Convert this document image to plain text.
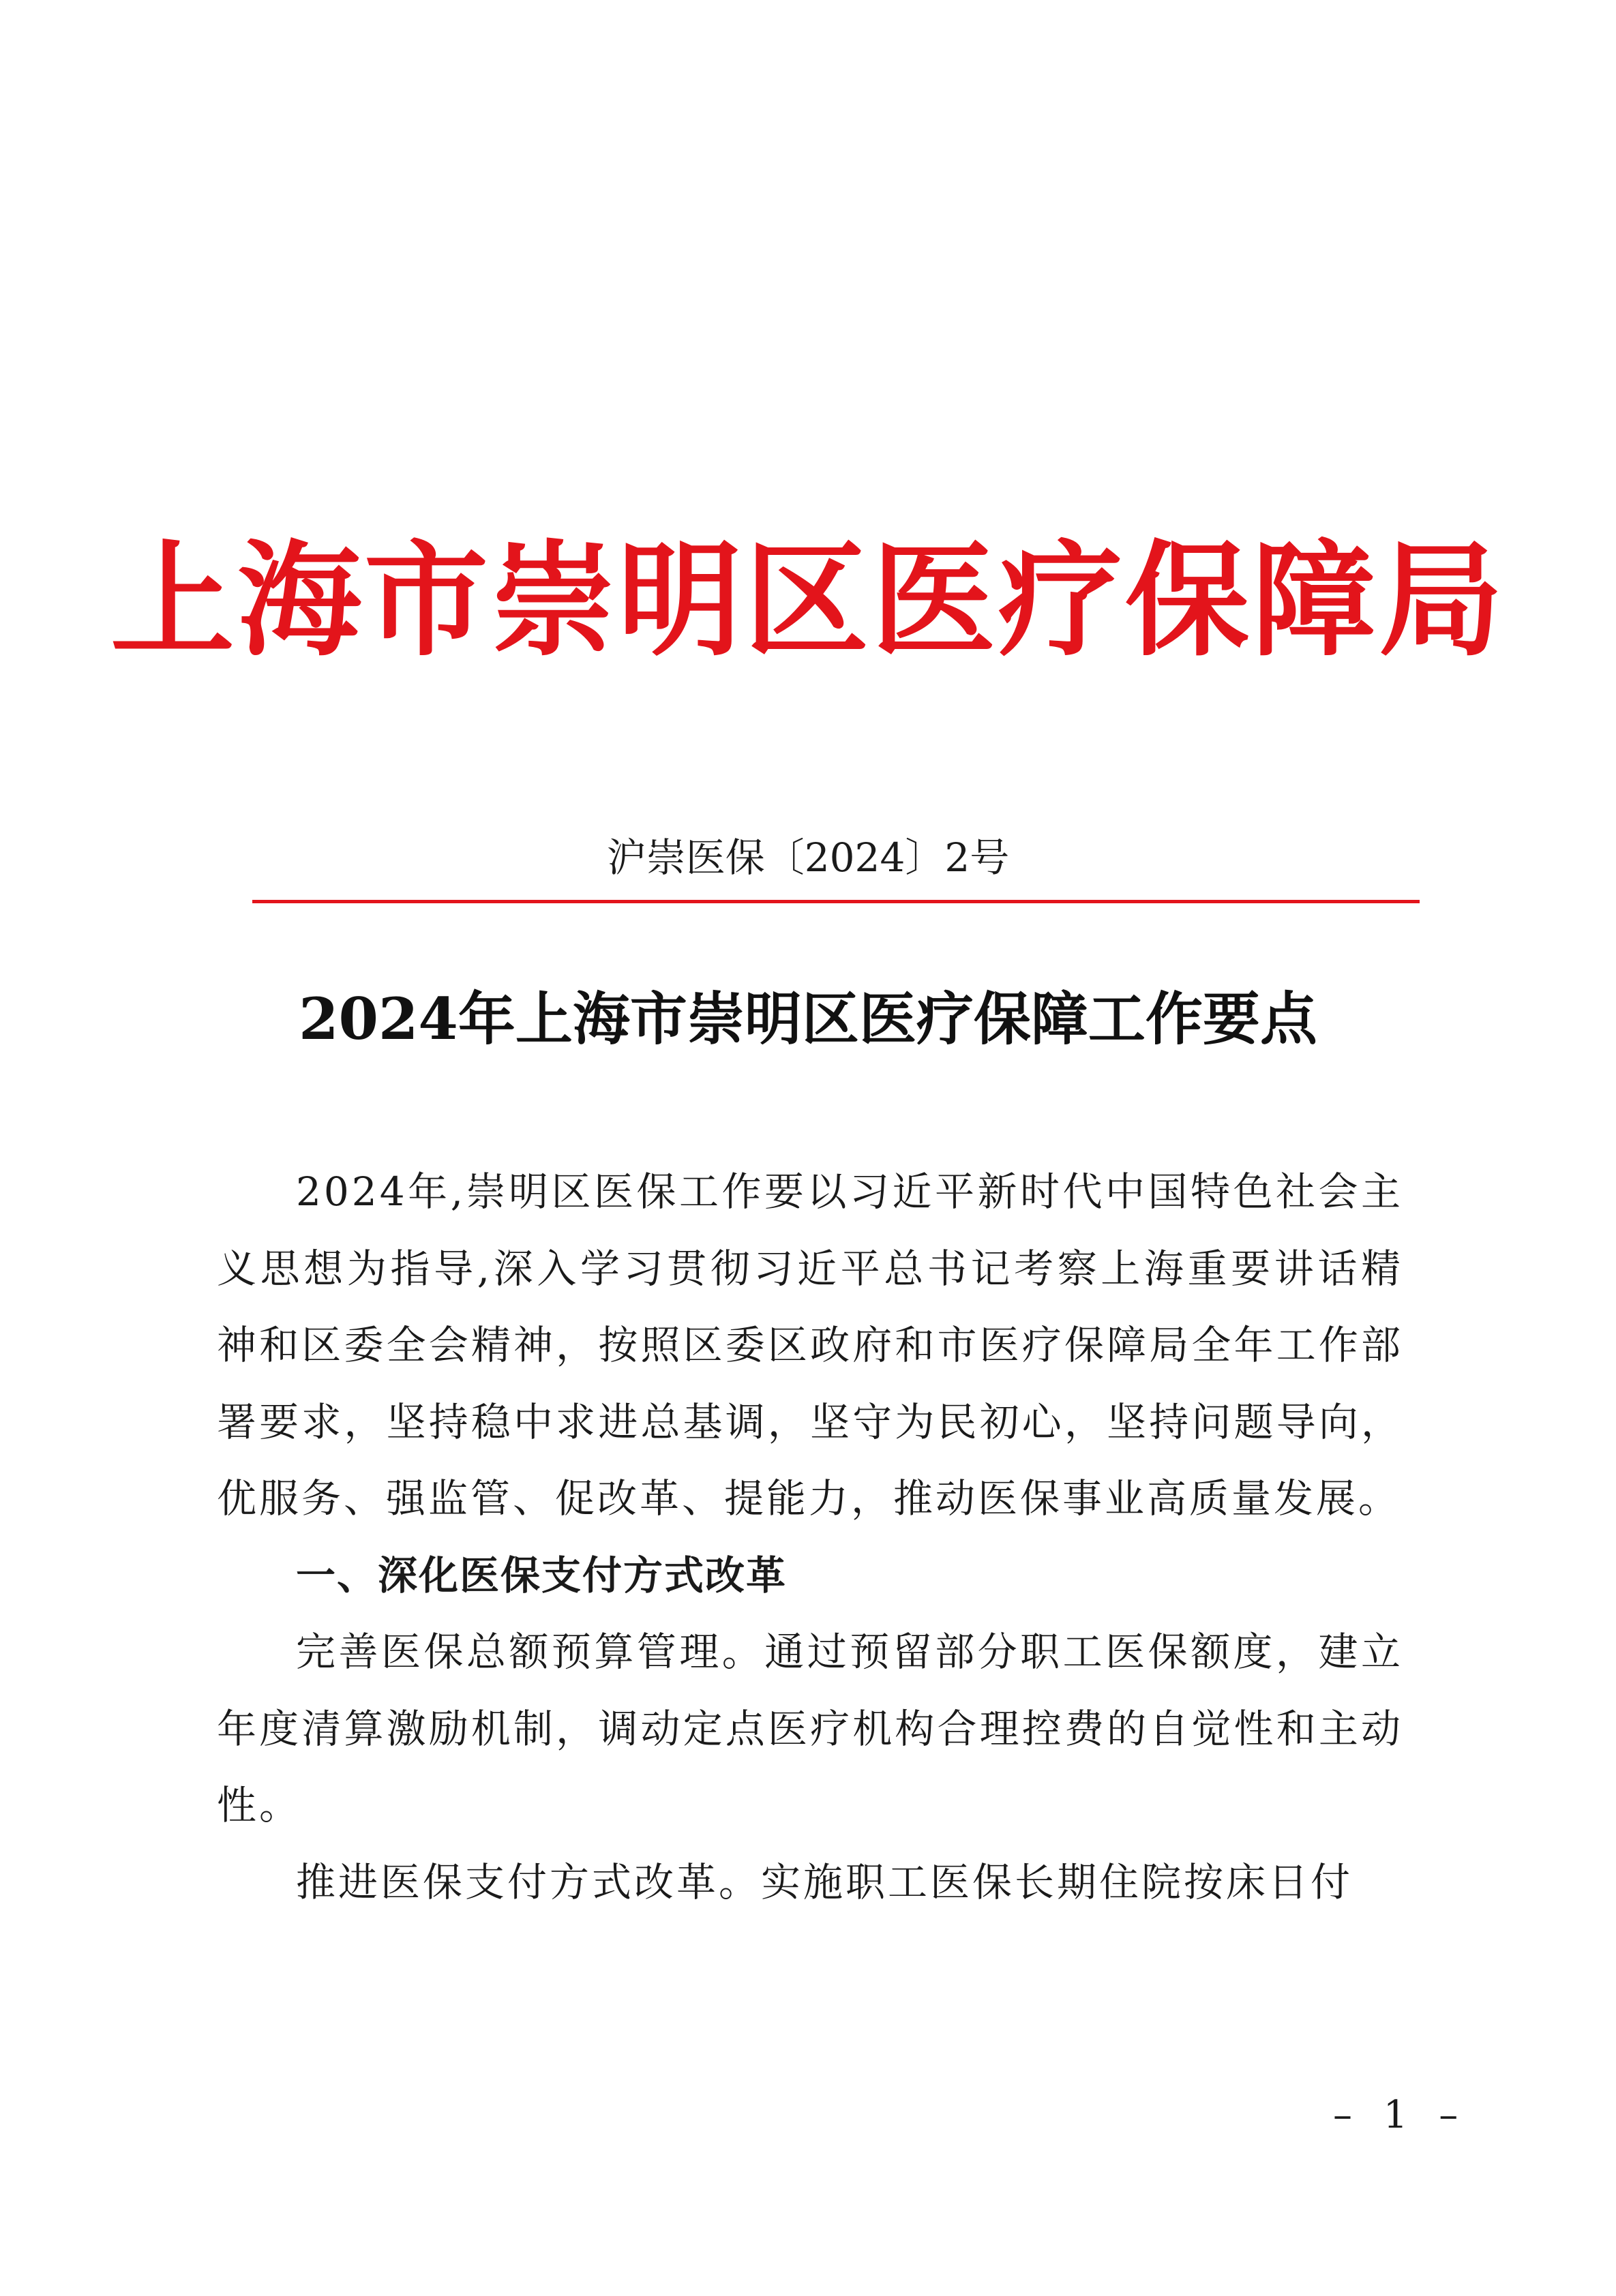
上海市崇明区医疗保障局
沪崇医保〔2024〕2号
2024年上海市崇明区医疗保障工作要点

2024年,崇明区医保工作要以习近平新时代中国特色社会主义思想为指导,深入学习贯彻习近平总书记考察上海重要讲话精神和区委全会精神，按照区委区政府和市医疗保障局全年工作部署要求，坚持稳中求进总基调，坚守为民初心，坚持问题导向，优服务、强监管、促改革、提能力，推动医保事业高质量发展。

一、深化医保支付方式改革

完善医保总额预算管理。通过预留部分职工医保额度，建立年度清算激励机制，调动定点医疗机构合理控费的自觉性和主动性。

推进医保支付方式改革。实施职工医保长期住院按床日付

– 1 –
